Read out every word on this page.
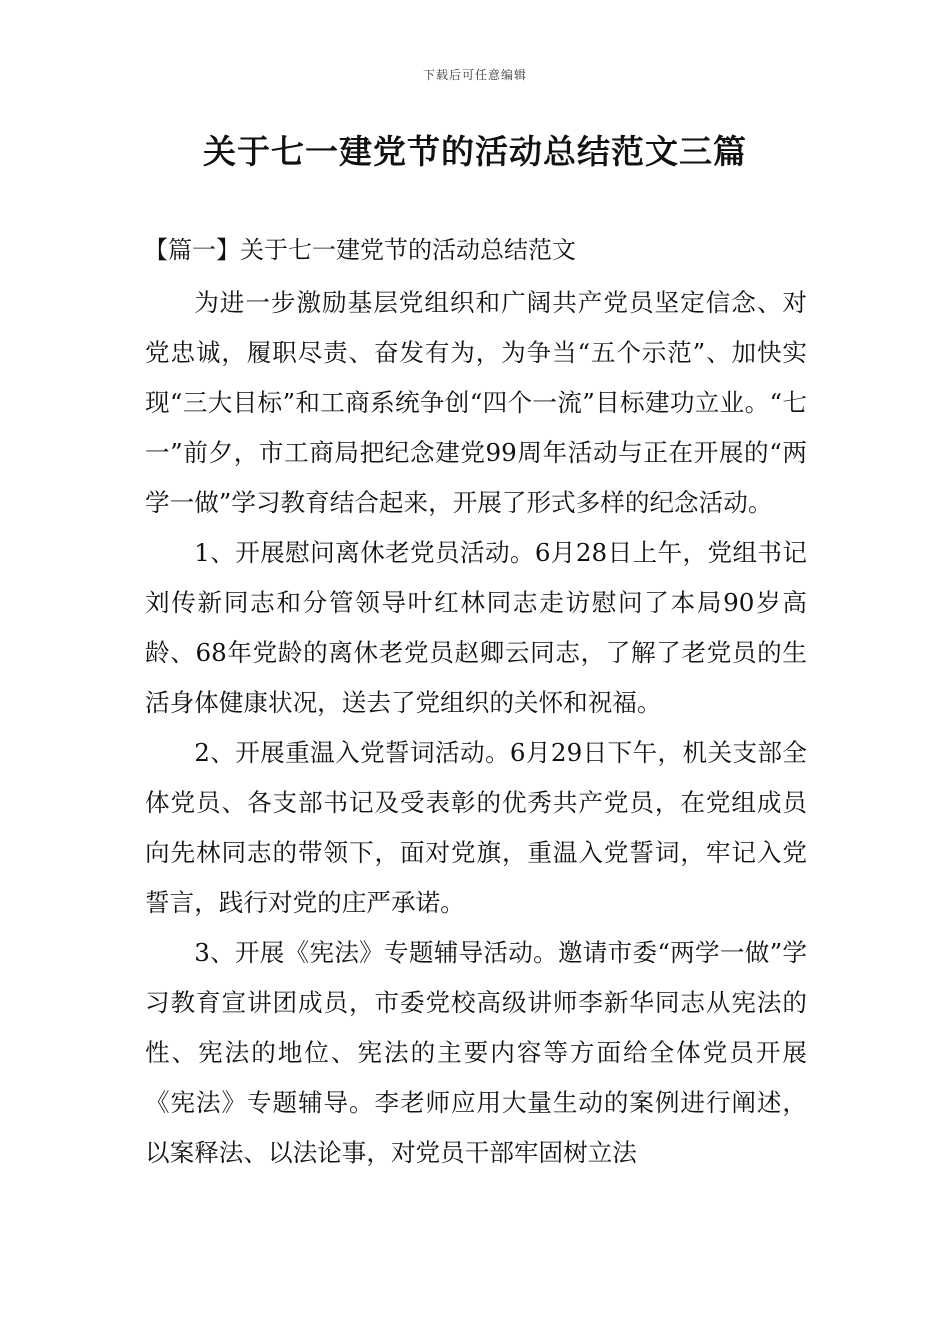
下载后可任意编辑
关于七一建党节的活动总结范文三篇
【篇一】关于七一建党节的活动总结范文

为进一步激励基层党组织和广阔共产党员坚定信念、对党忠诚，履职尽责、奋发有为，为争当“五个示范”、加快实现“三大目标”和工商系统争创“四个一流”目标建功立业。“七一”前夕，市工商局把纪念建党99周年活动与正在开展的“两学一做”学习教育结合起来，开展了形式多样的纪念活动。

1、开展慰问离休老党员活动。6月28日上午，党组书记刘传新同志和分管领导叶红林同志走访慰问了本局90岁高龄、68年党龄的离休老党员赵卿云同志，了解了老党员的生活身体健康状况，送去了党组织的关怀和祝福。

2、开展重温入党誓词活动。6月29日下午，机关支部全体党员、各支部书记及受表彰的优秀共产党员，在党组成员向先林同志的带领下，面对党旗，重温入党誓词，牢记入党誓言，践行对党的庄严承诺。

3、开展《宪法》专题辅导活动。邀请市委“两学一做”学习教育宣讲团成员，市委党校高级讲师李新华同志从宪法的性、宪法的地位、宪法的主要内容等方面给全体党员开展《宪法》专题辅导。李老师应用大量生动的案例进行阐述，以案释法、以法论事，对党员干部牢固树立法
